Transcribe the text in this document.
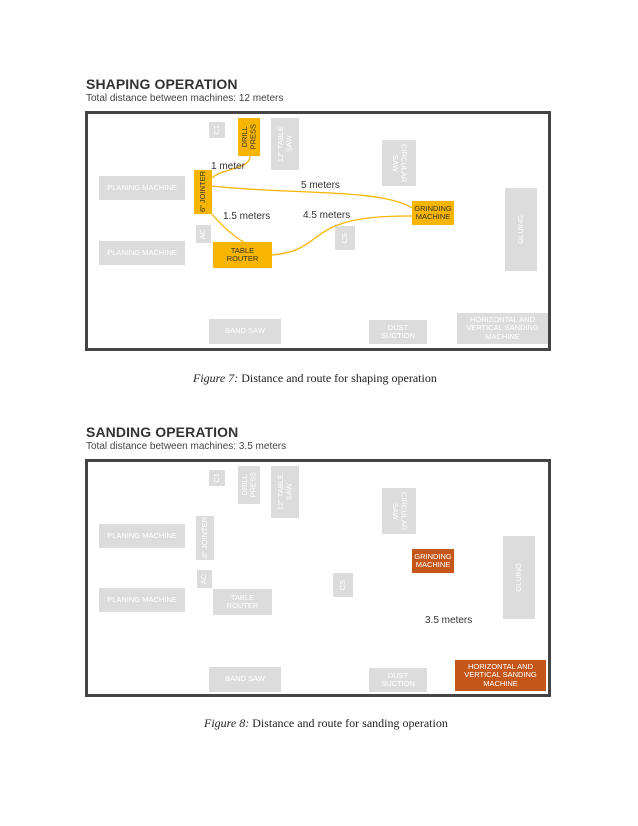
SHAPING OPERATION
Total distance between machines: 12 meters
C1	DRILL
PRESS
12" TABLE
SAW	CIRCULAR
SAW
PLANING MACHINE	6" JOINTER
AC
PLANING MACHINE	TABLE
ROUTER
CS
GRINDING
MACHINE	GLUING
BAND SAW	DUST
SUCTION
HORIZONTAL AND
VERTICAL SANDING
MACHINE
1 meter
5 meters
1.5 meters	4.5 meters
Figure 7: Distance and route for shaping operation
SANDING OPERATION
Total distance between machines: 3.5 meters
C1	DRILL
PRESS
12" TABLE
SAW	CIRCULAR
SAW
PLANING MACHINE	6" JOINTER
AC
PLANING MACHINE	TABLE
ROUTER
CS
GRINDING
MACHINE	GLUING
BAND SAW	DUST
SUCTION
HORIZONTAL AND
VERTICAL SANDING
MACHINE
3.5 meters
Figure 8: Distance and route for sanding operation
